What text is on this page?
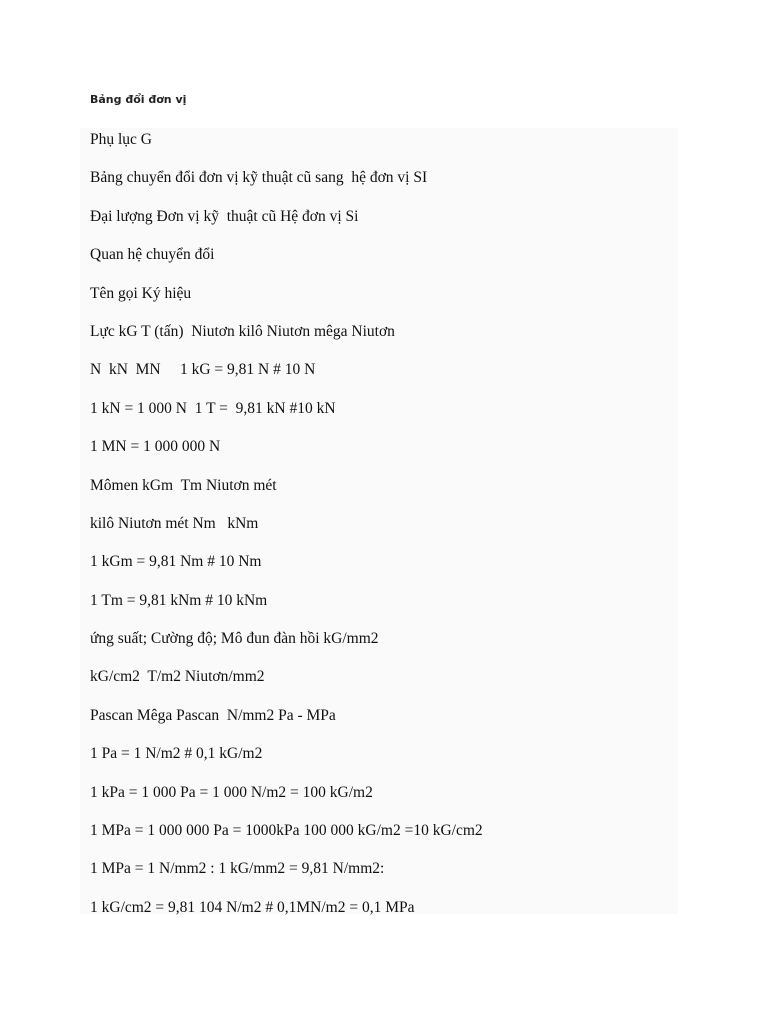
Bảng đổi đơn vị
Phụ lục G
Bảng chuyển đổi đơn vị kỹ thuật cũ sang  hệ đơn vị SI
Đại lượng Đơn vị kỹ  thuật cũ Hệ đơn vị Si
Quan hệ chuyển đổi
Tên gọi Ký hiệu
Lực kG T (tấn)  Niutơn kilô Niutơn mêga Niutơn
N  kN  MN     1 kG = 9,81 N # 10 N
1 kN = 1 000 N  1 T =  9,81 kN #10 kN
1 MN = 1 000 000 N
Mômen kGm  Tm Niutơn mét
kilô Niutơn mét Nm   kNm
1 kGm = 9,81 Nm # 10 Nm
1 Tm = 9,81 kNm # 10 kNm
ứng suất; Cường độ; Mô đun đàn hồi kG/mm2
kG/cm2  T/m2 Niutơn/mm2
Pascan Mêga Pascan  N/mm2 Pa - MPa
1 Pa = 1 N/m2 # 0,1 kG/m2
1 kPa = 1 000 Pa = 1 000 N/m2 = 100 kG/m2
1 MPa = 1 000 000 Pa = 1000kPa 100 000 kG/m2 =10 kG/cm2
1 MPa = 1 N/mm2 : 1 kG/mm2 = 9,81 N/mm2:
1 kG/cm2 = 9,81 104 N/m2 # 0,1MN/m2 = 0,1 MPa
